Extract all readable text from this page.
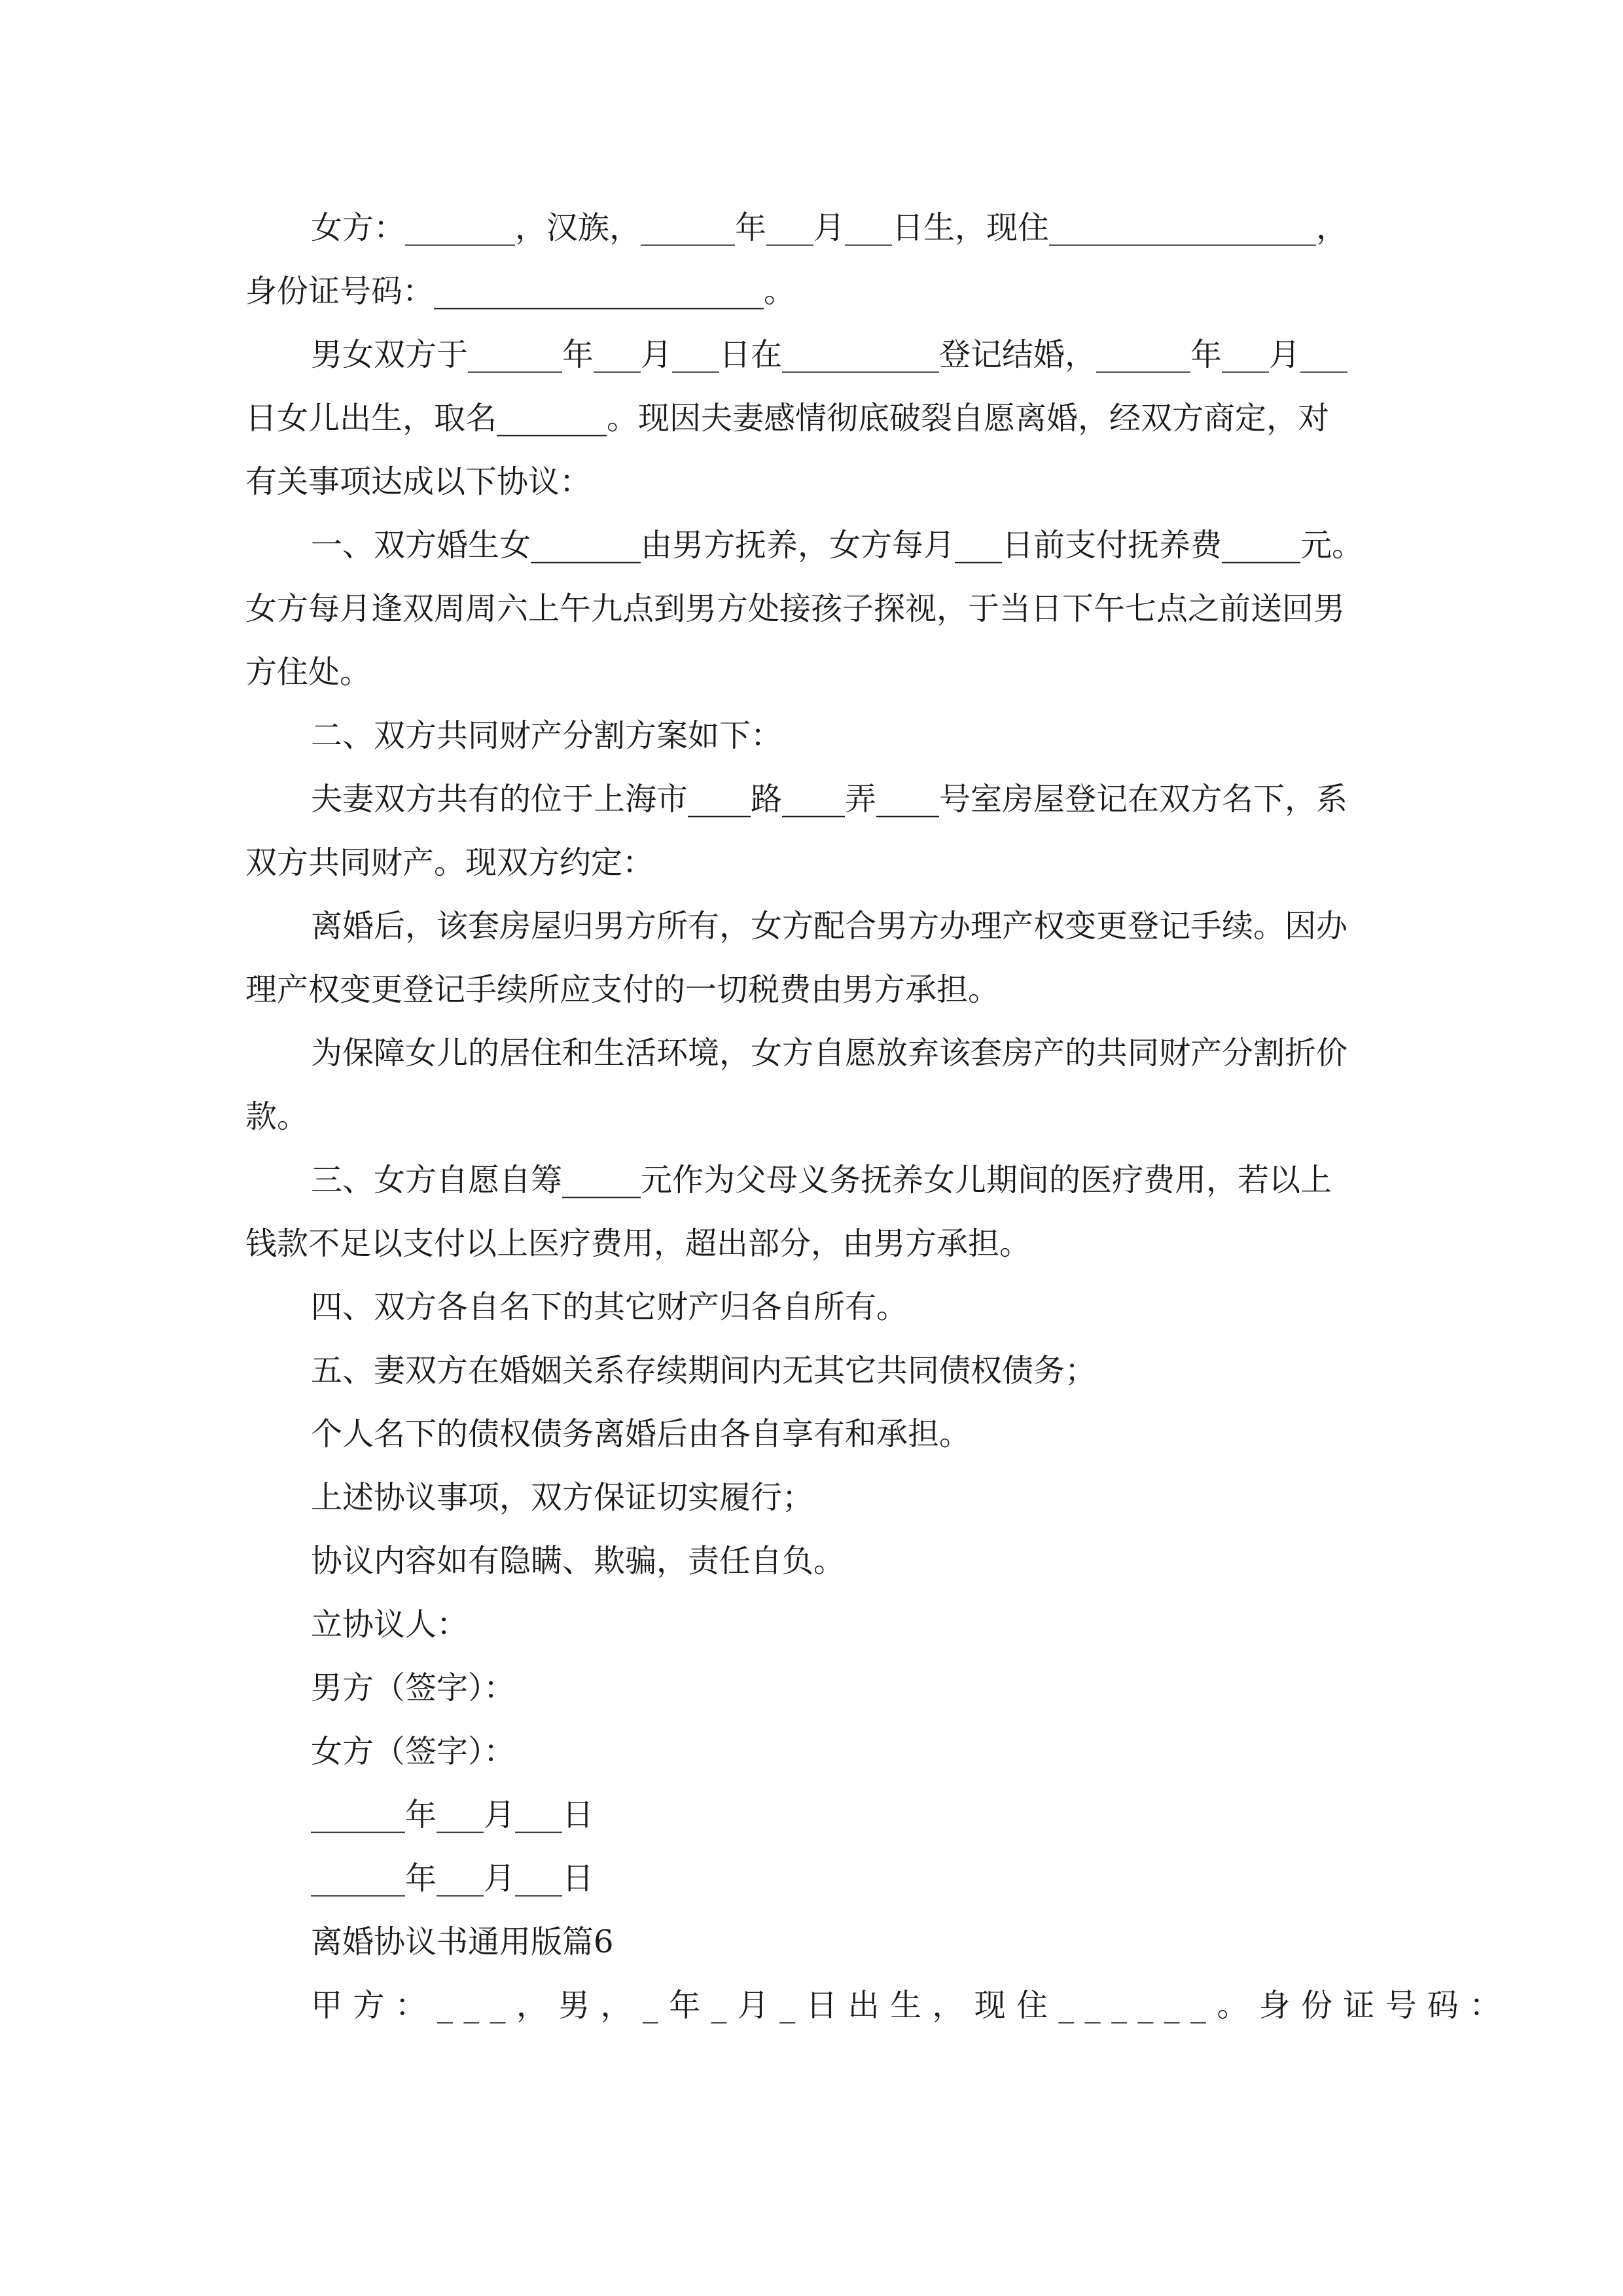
女方：_______，汉族，______年___月___日生，现住_________________，

身份证号码：_____________________。

男女双方于______年___月___日在__________登记结婚，______年___月___

日女儿出生，取名_______。现因夫妻感情彻底破裂自愿离婚，经双方商定，对

有关事项达成以下协议：

一、双方婚生女_______由男方抚养，女方每月___日前支付抚养费_____元。

女方每月逢双周周六上午九点到男方处接孩子探视，于当日下午七点之前送回男

方住处。

二、双方共同财产分割方案如下：

夫妻双方共有的位于上海市____路____弄____号室房屋登记在双方名下，系

双方共同财产。现双方约定：

离婚后，该套房屋归男方所有，女方配合男方办理产权变更登记手续。因办

理产权变更登记手续所应支付的一切税费由男方承担。

为保障女儿的居住和生活环境，女方自愿放弃该套房产的共同财产分割折价

款。

三、女方自愿自筹_____元作为父母义务抚养女儿期间的医疗费用，若以上

钱款不足以支付以上医疗费用，超出部分，由男方承担。

四、双方各自名下的其它财产归各自所有。

五、妻双方在婚姻关系存续期间内无其它共同债权债务；

个人名下的债权债务离婚后由各自享有和承担。

上述协议事项，双方保证切实履行；

协议内容如有隐瞒、欺骗，责任自负。

立协议人：

男方（签字）：

女方（签字）：

______年___月___日

______年___月___日

离婚协议书通用版篇6

甲方：___，男，_年_月_日出生，现住______。身份证号码：
